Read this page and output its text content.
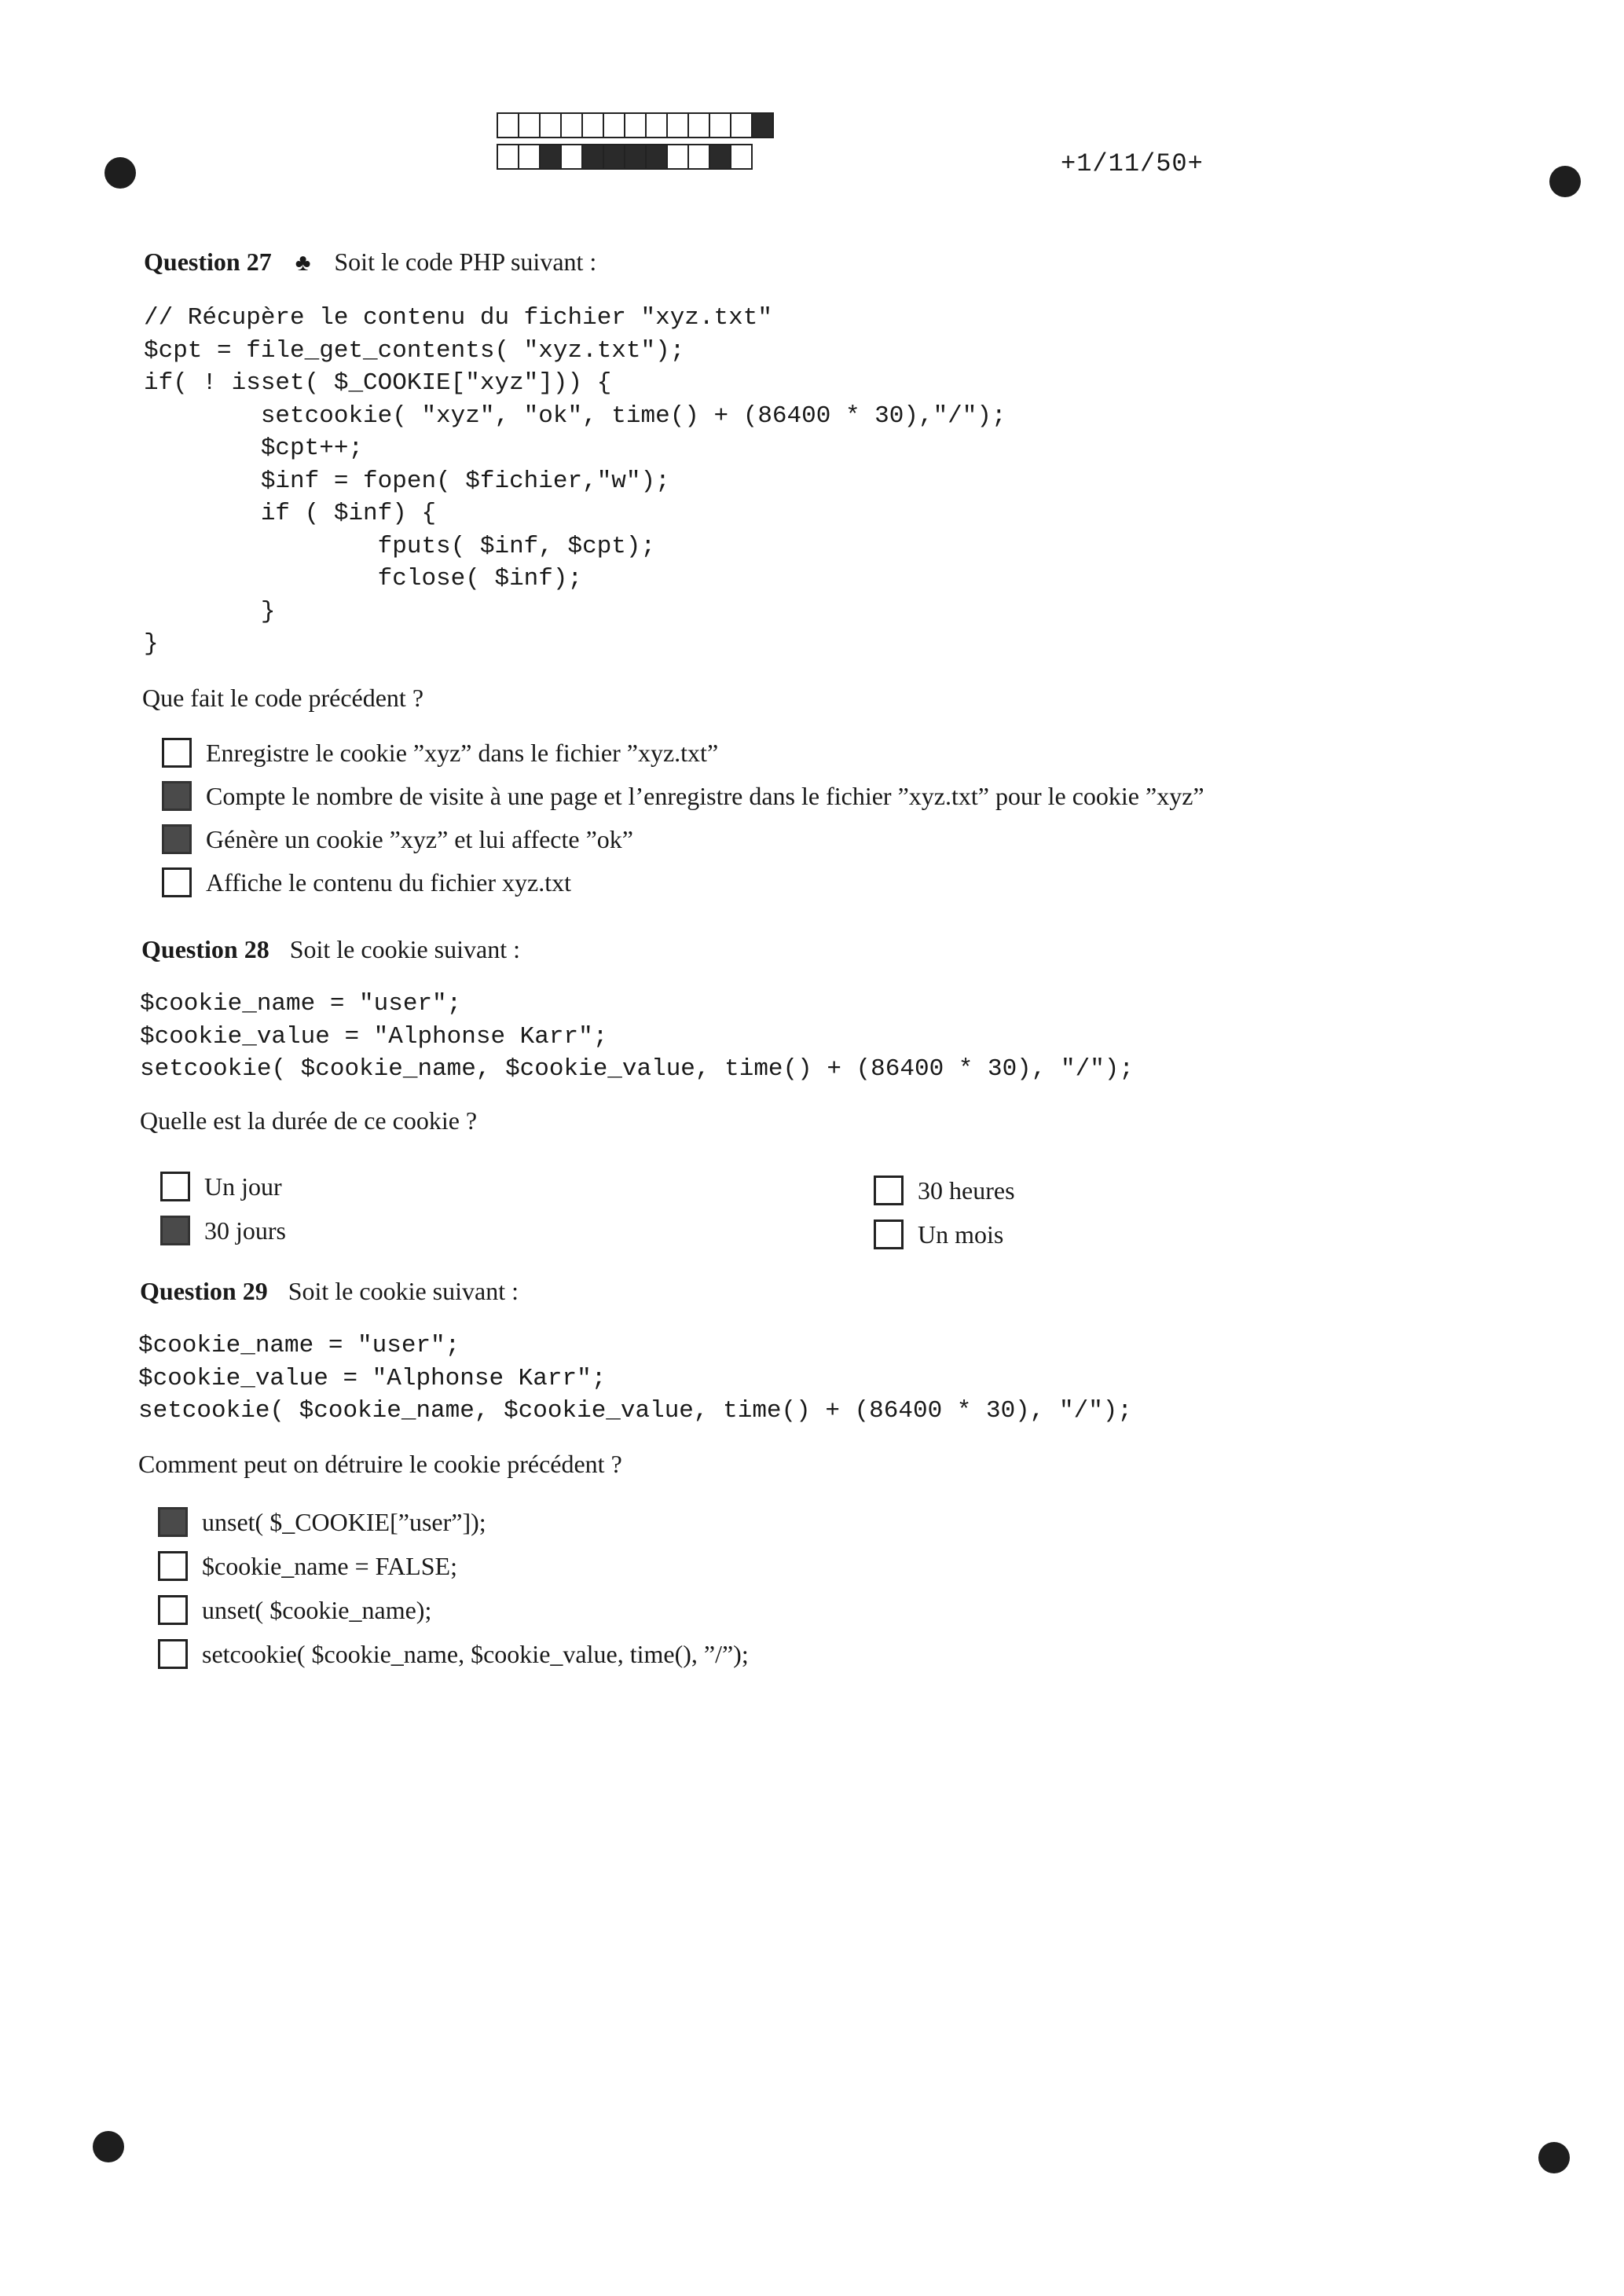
+1/11/50+
Question 27 ♣ Soit le code PHP suivant :
// Récupère le contenu du fichier "xyz.txt"
$cpt = file_get_contents( "xyz.txt");
if( ! isset( $_COOKIE["xyz"])) {
setcookie( "xyz", "ok", time() + (86400 * 30),"/");
$cpt++;
$inf = fopen( $fichier,"w");
if ( $inf) {
fputs( $inf, $cpt);
fclose( $inf);
}
}
Que fait le code précédent ?
Enregistre le cookie ”xyz” dans le fichier ”xyz.txt”
Compte le nombre de visite à une page et l’enregistre dans le fichier ”xyz.txt” pour le cookie ”xyz”
Génère un cookie ”xyz” et lui affecte ”ok”
Affiche le contenu du fichier xyz.txt
Question 28 Soit le cookie suivant :
$cookie_name = "user";
$cookie_value = "Alphonse Karr";
setcookie( $cookie_name, $cookie_value, time() + (86400 * 30), "/");
Quelle est la durée de ce cookie ?
Un jour
30 jours
30 heures
Un mois
Question 29 Soit le cookie suivant :
$cookie_name = "user";
$cookie_value = "Alphonse Karr";
setcookie( $cookie_name, $cookie_value, time() + (86400 * 30), "/");
Comment peut on détruire le cookie précédent ?
unset( $_COOKIE[”user”]);
$cookie_name = FALSE;
unset( $cookie_name);
setcookie( $cookie_name, $cookie_value, time(), ”/”);
